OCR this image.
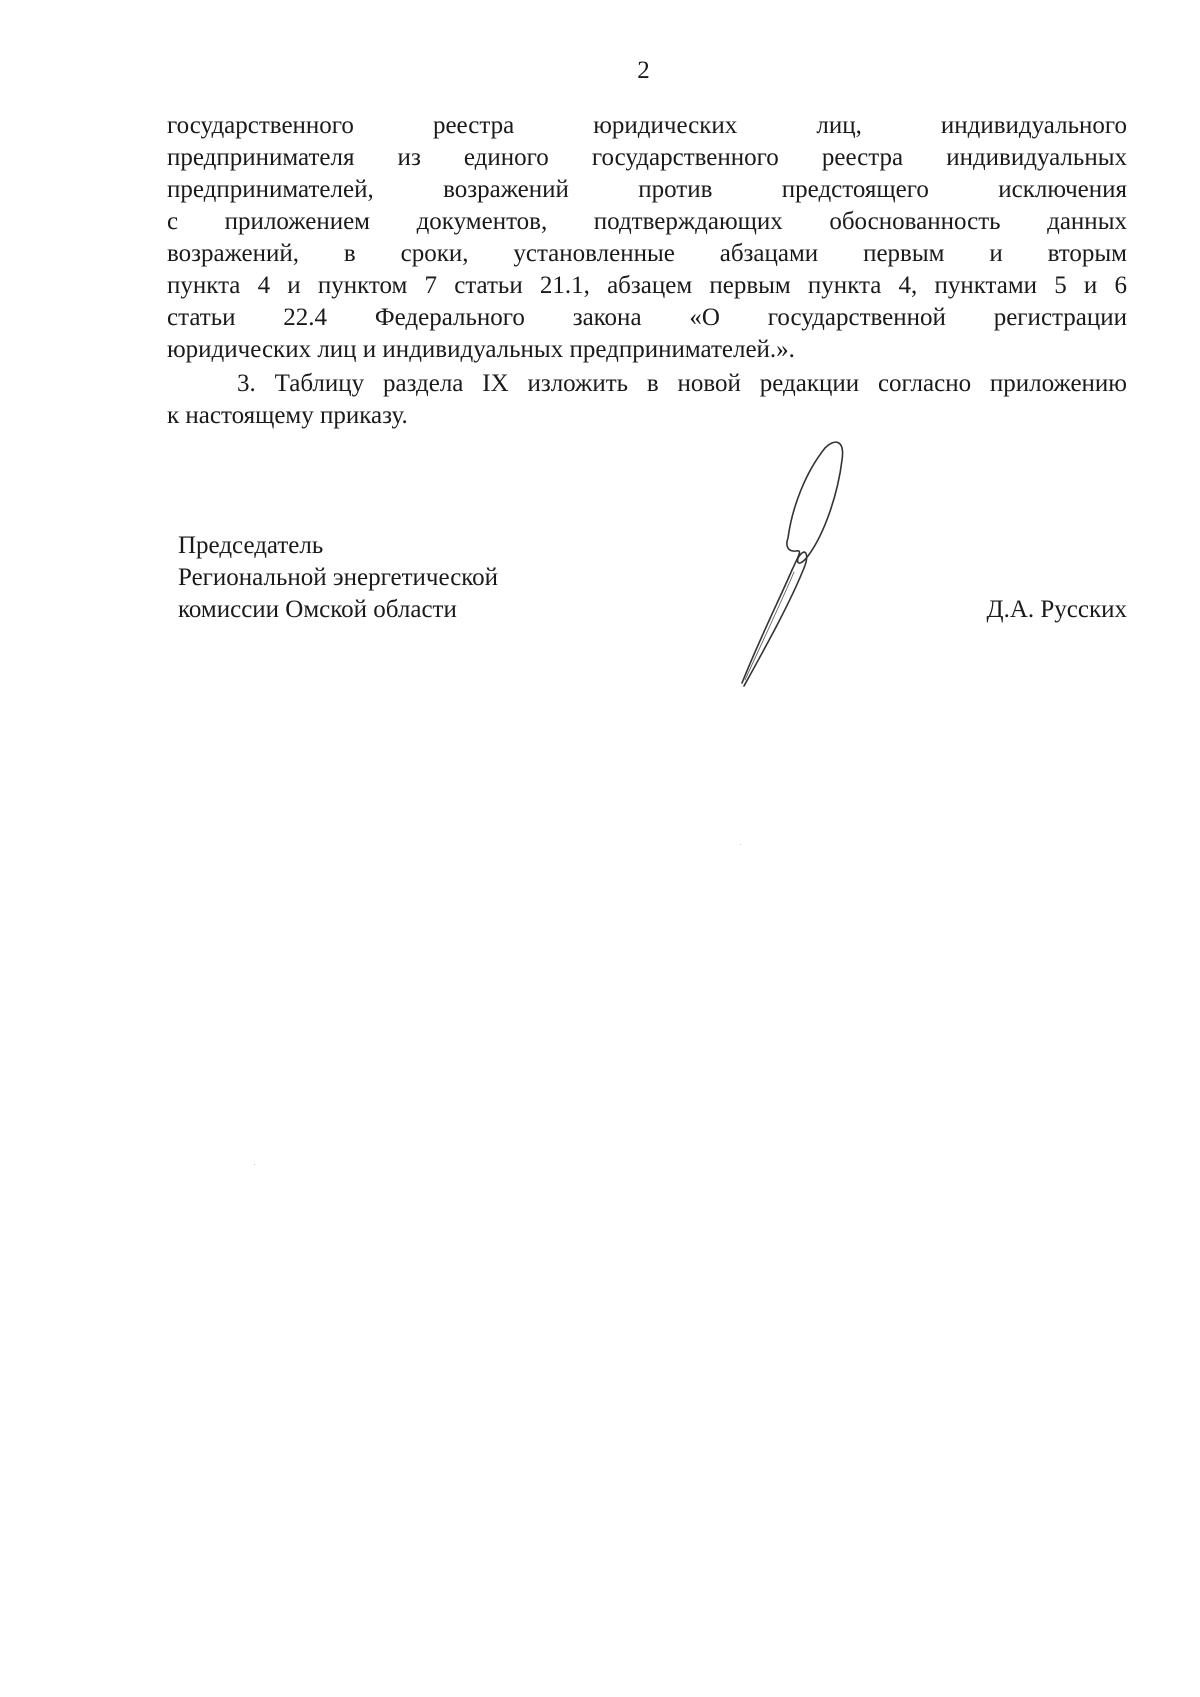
2
государственного реестра юридических лиц, индивидуального
предпринимателя из единого государственного реестра индивидуальных
предпринимателей, возражений против предстоящего исключения
с приложением документов, подтверждающих обоснованность данных
возражений, в сроки, установленные абзацами первым и вторым
пункта 4 и пунктом 7 статьи 21.1, абзацем первым пункта 4, пунктами 5 и 6
статьи 22.4 Федерального закона «О государственной регистрации
юридических лиц и индивидуальных предпринимателей.».
3. Таблицу раздела IX изложить в новой редакции согласно приложению
к настоящему приказу.
Председатель
Региональной энергетической
комиссии Омской области	Д.А. Русских
